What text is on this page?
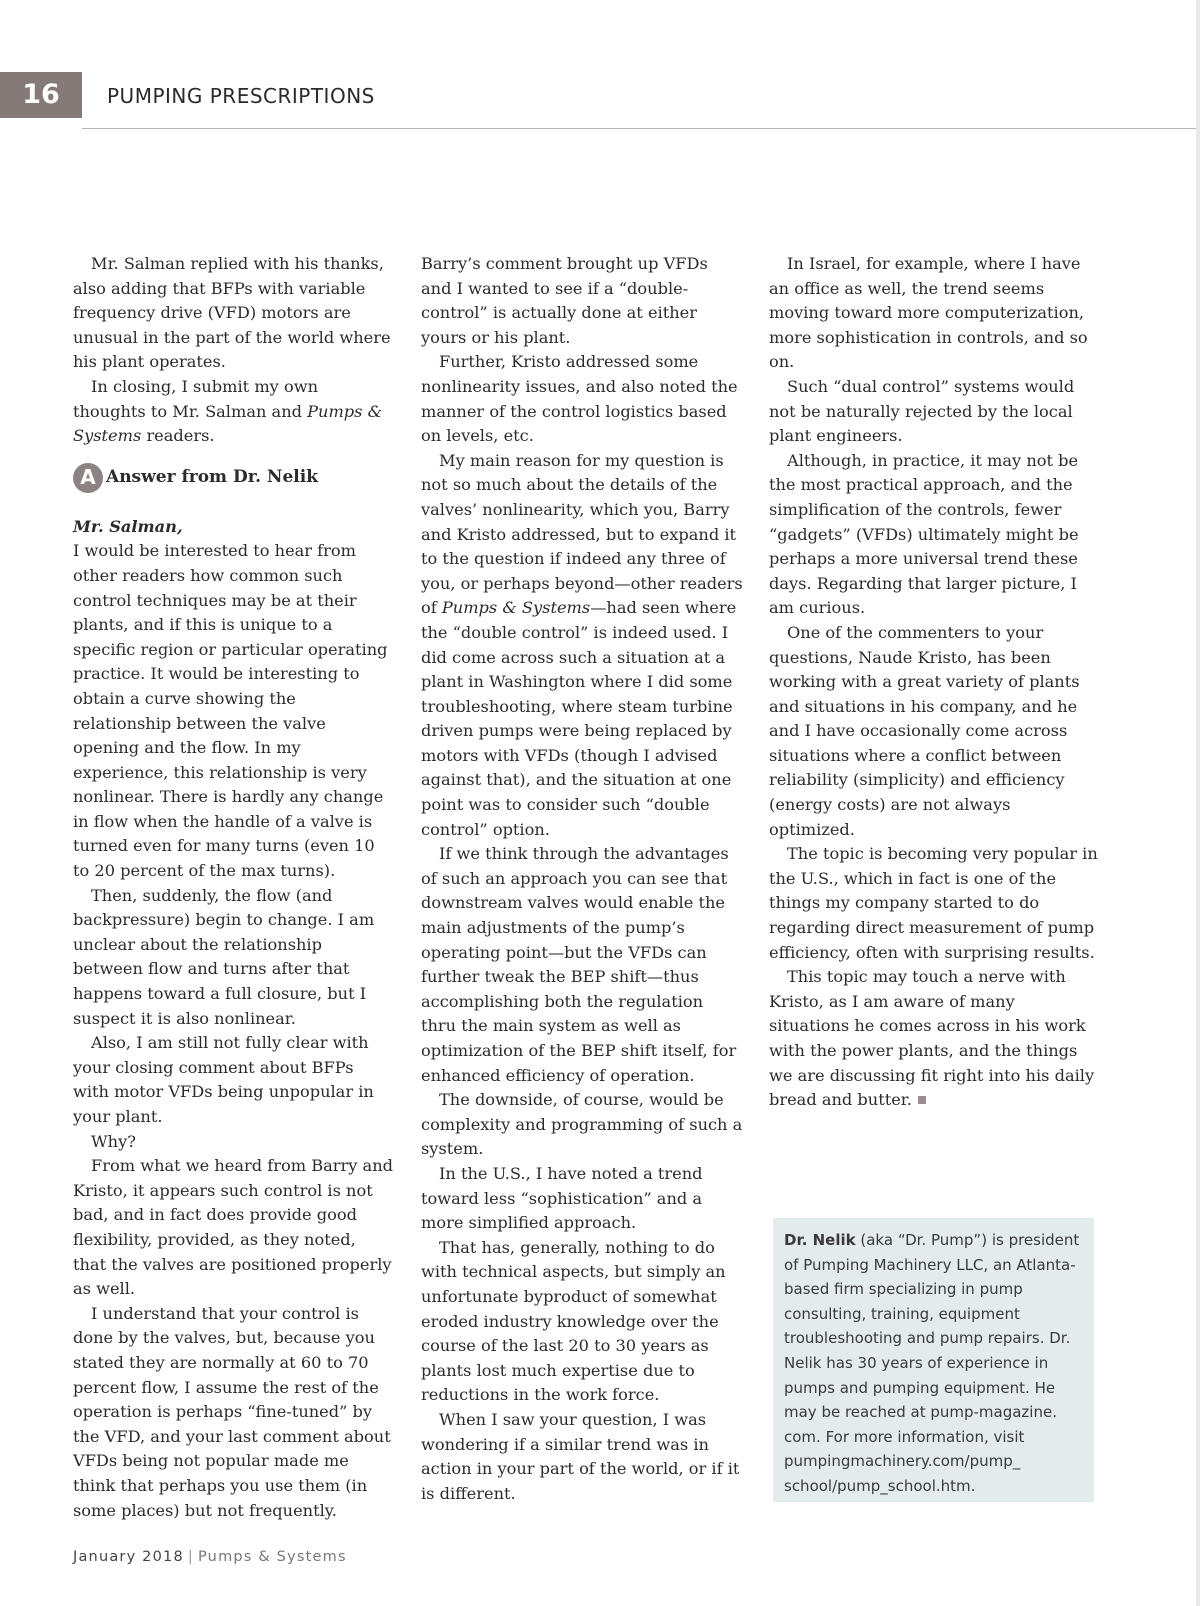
16	PUMPING PRESCRIPTIONS

Mr. Salman replied with his thanks, also adding that BFPs with variable frequency drive (VFD) motors are unusual in the part of the world where his plant operates.

In closing, I submit my own thoughts to Mr. Salman and Pumps & Systems readers.

A Answer from Dr. Nelik
Mr. Salman,

I would be interested to hear from other readers how common such control techniques may be at their plants, and if this is unique to a specific region or particular operating practice. It would be interesting to obtain a curve showing the relationship between the valve opening and the flow. In my experience, this relationship is very nonlinear. There is hardly any change in flow when the handle of a valve is turned even for many turns (even 10 to 20 percent of the max turns).

Then, suddenly, the flow (and backpressure) begin to change. I am unclear about the relationship between flow and turns after that happens toward a full closure, but I suspect it is also nonlinear.

Also, I am still not fully clear with your closing comment about BFPs with motor VFDs being unpopular in your plant.

Why?

From what we heard from Barry and Kristo, it appears such control is not bad, and in fact does provide good flexibility, provided, as they noted, that the valves are positioned properly as well.

I understand that your control is done by the valves, but, because you stated they are normally at 60 to 70 percent flow, I assume the rest of the operation is perhaps “fine-tuned” by the VFD, and your last comment about VFDs being not popular made me think that perhaps you use them (in some places) but not frequently.

Barry’s comment brought up VFDs and I wanted to see if a “double-control” is actually done at either yours or his plant.

Further, Kristo addressed some nonlinearity issues, and also noted the manner of the control logistics based on levels, etc.

My main reason for my question is not so much about the details of the valves’ nonlinearity, which you, Barry and Kristo addressed, but to expand it to the question if indeed any three of you, or perhaps beyond—other readers of Pumps & Systems—had seen where the “double control” is indeed used. I did come across such a situation at a plant in Washington where I did some troubleshooting, where steam turbine driven pumps were being replaced by motors with VFDs (though I advised against that), and the situation at one point was to consider such “double control” option.

If we think through the advantages of such an approach you can see that downstream valves would enable the main adjustments of the pump’s operating point—but the VFDs can further tweak the BEP shift—thus accomplishing both the regulation thru the main system as well as optimization of the BEP shift itself, for enhanced efficiency of operation.

The downside, of course, would be complexity and programming of such a system.

In the U.S., I have noted a trend toward less “sophistication” and a more simplified approach.

That has, generally, nothing to do with technical aspects, but simply an unfortunate byproduct of somewhat eroded industry knowledge over the course of the last 20 to 30 years as plants lost much expertise due to reductions in the work force.

When I saw your question, I was wondering if a similar trend was in action in your part of the world, or if it is different.

In Israel, for example, where I have an office as well, the trend seems moving toward more computerization, more sophistication in controls, and so on.

Such “dual control” systems would not be naturally rejected by the local plant engineers.

Although, in practice, it may not be the most practical approach, and the simplification of the controls, fewer “gadgets” (VFDs) ultimately might be perhaps a more universal trend these days. Regarding that larger picture, I am curious.

One of the commenters to your questions, Naude Kristo, has been working with a great variety of plants and situations in his company, and he and I have occasionally come across situations where a conflict between reliability (simplicity) and efficiency (energy costs) are not always optimized.

The topic is becoming very popular in the U.S., which in fact is one of the things my company started to do regarding direct measurement of pump efficiency, often with surprising results.

This topic may touch a nerve with Kristo, as I am aware of many situations he comes across in his work with the power plants, and the things we are discussing fit right into his daily bread and butter.

Dr. Nelik (aka “Dr. Pump”) is president of Pumping Machinery LLC, an Atlanta-based firm specializing in pump consulting, training, equipment troubleshooting and pump repairs. Dr. Nelik has 30 years of experience in pumps and pumping equipment. He may be reached at pump-magazine. com. For more information, visit pumpingmachinery.com/pump_ school/pump_school.htm.
January 2018 | Pumps & Systems
